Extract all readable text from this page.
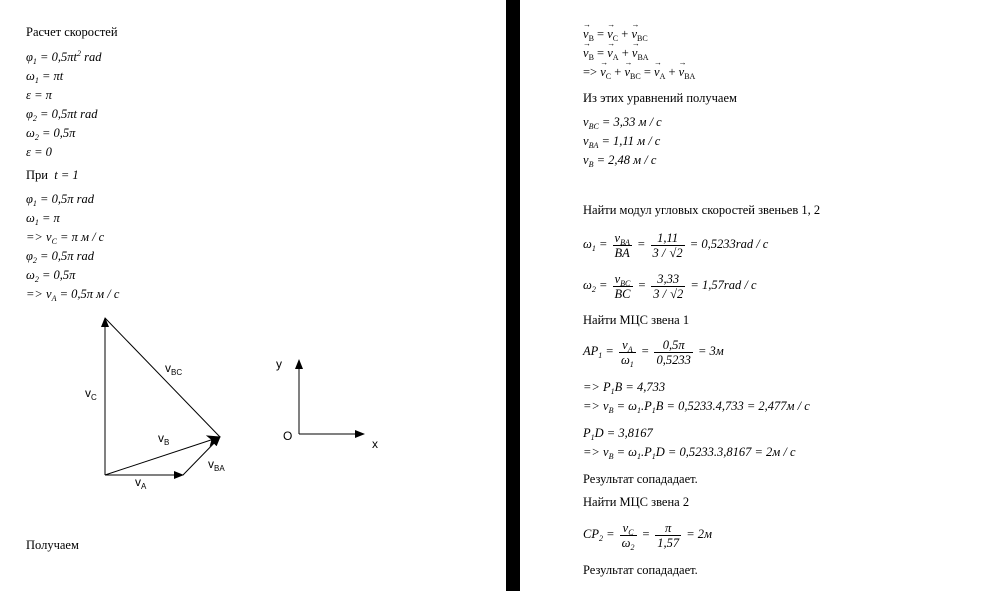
Расчет скоростей
$\varphi_1 = 0,5\pi t^2$ rad
$\omega_1 = \pi t$
ε = π
$\varphi_2 = 0,5\pi t$ rad
$\omega_2 = 0,5\pi$
ε = 0
При t = 1
$\varphi_1 = 0,5\pi$ rad
$\omega_1 = \pi$
=> $v_C = \pi$ м / с
$\varphi_2 = 0,5\pi$ rad
$\omega_2 = 0,5\pi$
=> $v_A = 0,5\pi$ м / с
$v_C$
$v_{BC}$
$v_B$
$v_{BA}$
$v_A$
y
x
O
Получаем
→ $v_B$ = → $v_C$ + → $v_{BC}$
→ $v_B$ = → $v_A$ + → $v_{BA}$
=> → $v_C$ + → $v_{BC}$ = → $v_A$ + → $v_{BA}$
Из этих уравнений получаем
$v_{BC} = 3,33$ м / с
$v_{BA} = 1,11$ м / с
$v_B = 2,48$ м / с
Найти модул угловых скоростей звеньев 1, 2
$\omega_1 = \frac{v_{BA}}{BA} = \frac{1,11}{3 / √2} = 0,5233rad / с$
$\omega_2 = \frac{v_{BC}}{BC} = \frac{3,33}{3 / √2} = 1,57rad / с$
Найти МЦС звена 1
$AP_1 = \frac{v_A}{\omega_1} = \frac{0,5\pi}{0,5233} = 3м$
=> $P_1B = 4,733$
=> $v_B = \omega_1.P_1B = 0,5233.4,733 = 2,477м / с$
$P_1D = 3,8167$
=> $v_B = \omega_1.P_1D = 0,5233.3,8167 = 2м / с$
Результат сопададает.
Найти МЦС звена 2
$CP_2 = \frac{v_C}{\omega_2} = \frac{\pi}{1,57} = 2м$
Результат сопададает.
